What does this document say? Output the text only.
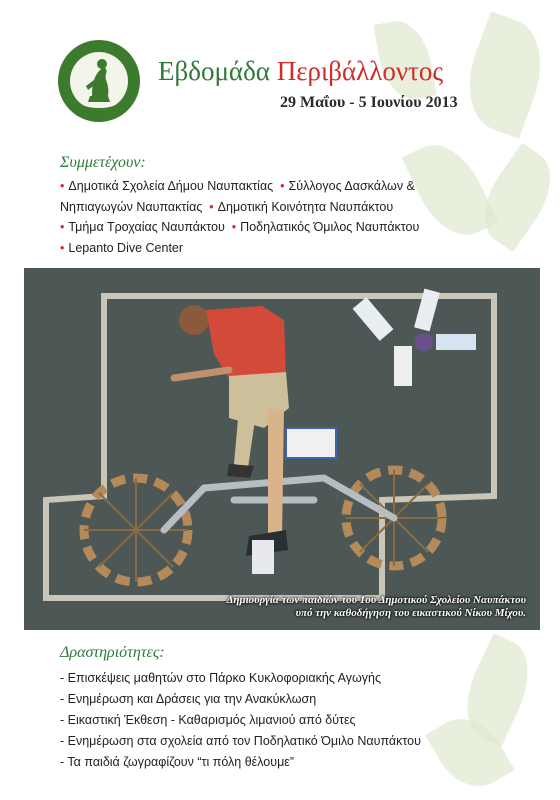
Εβδομάδα Περιβάλλοντος
29 Μαΐου - 5 Ιουνίου 2013
Συμμετέχουν:
• Δημοτικά Σχολεία Δήμου Ναυπακτίας • Σύλλογος Δασκάλων &
Νηπιαγωγών Ναυπακτίας • Δημοτική Κοινότητα Ναυπάκτου
• Τμήμα Τροχαίας Ναυπάκτου • Ποδηλατικός Όμιλος Ναυπάκτου
• Lepanto Dive Center
Δημιουργία των παιδιών του 1ου Δημοτικού Σχολείου Ναυπάκτου
υπό την καθοδήγηση του εικαστικού Νίκου Μίχου.
Δραστηριότητες:
- Επισκέψεις μαθητών στο Πάρκο Κυκλοφοριακής Αγωγής
- Ενημέρωση και Δράσεις για την Ανακύκλωση
- Εικαστική Έκθεση - Καθαρισμός λιμανιού από δύτες
- Ενημέρωση στα σχολεία από τον Ποδηλατικό Όμιλο Ναυπάκτου
- Τα παιδιά ζωγραφίζουν “τι πόλη θέλουμε”
